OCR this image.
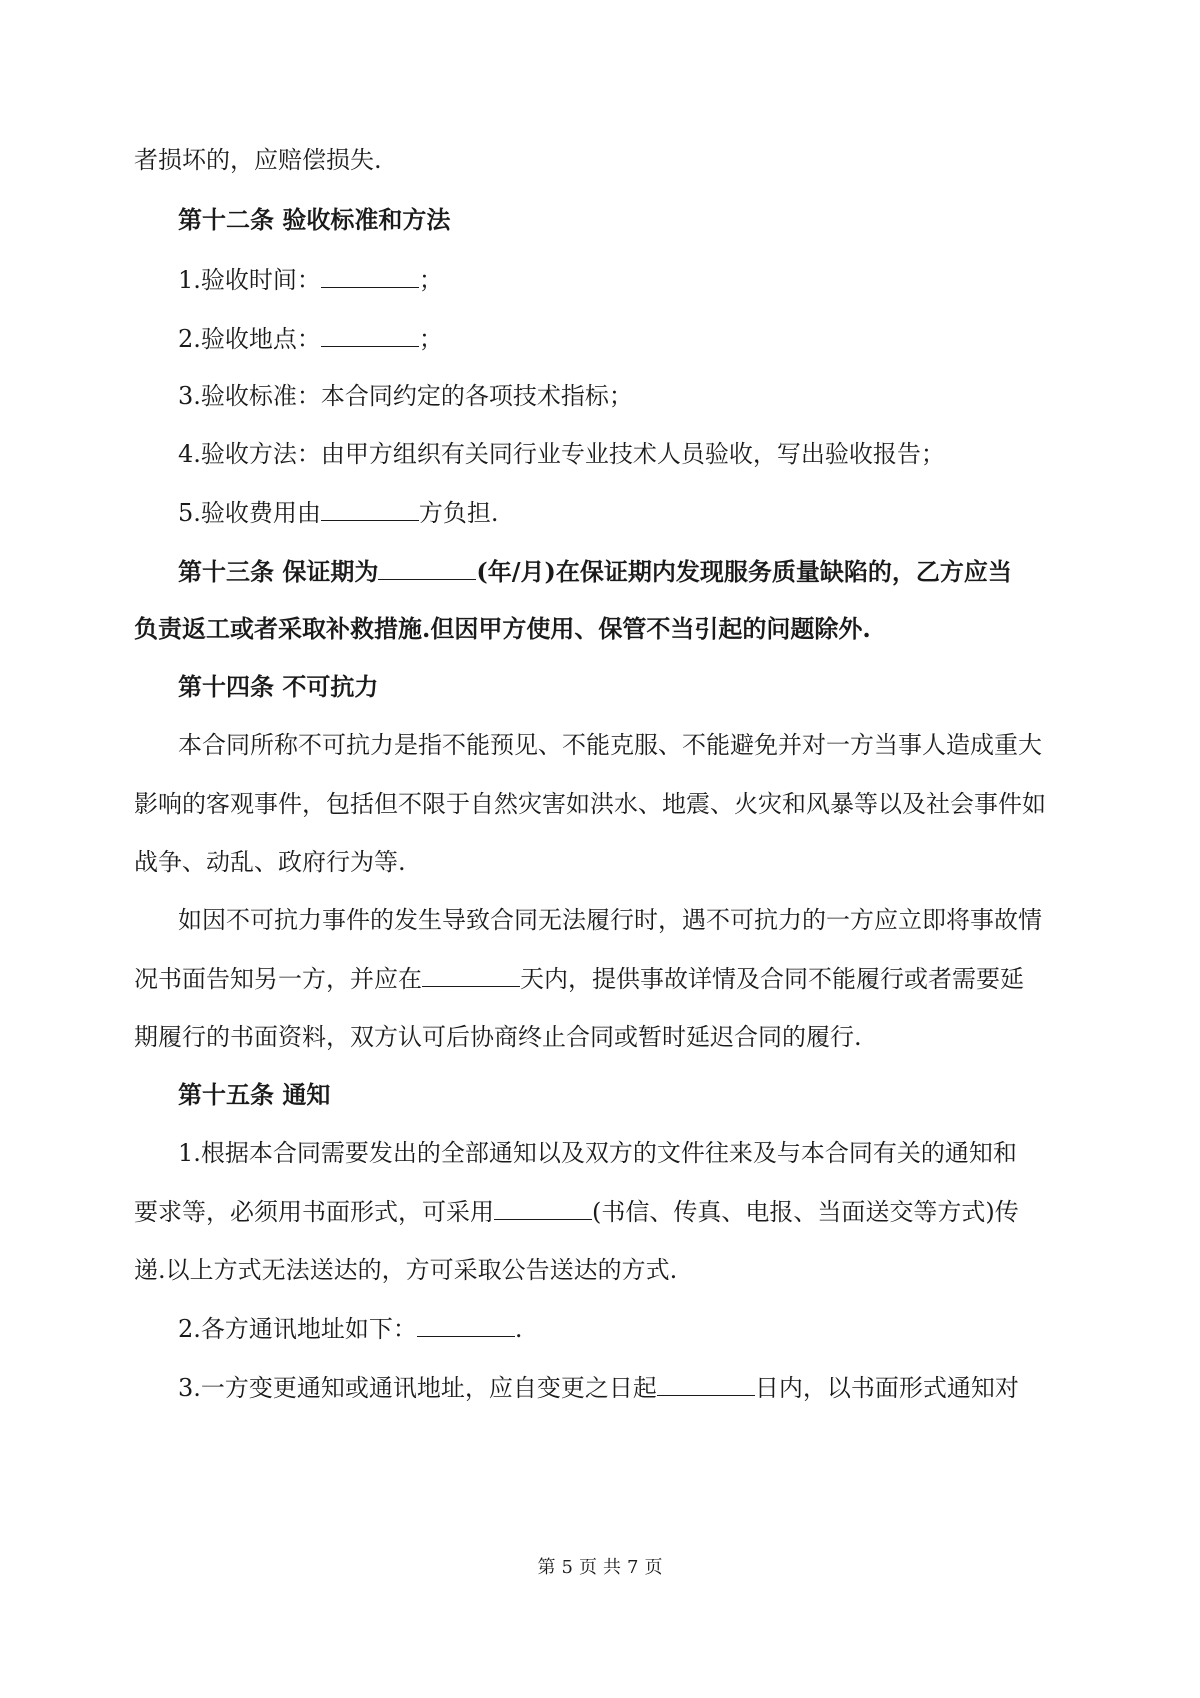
者损坏的，应赔偿损失.
第十二条 验收标准和方法
1.验收时间：	；
2.验收地点：	；
3.验收标准：本合同约定的各项技术指标；
4.验收方法：由甲方组织有关同行业专业技术人员验收，写出验收报告；
5.验收费用由	方负担.
第十三条 保证期为	(年/月)在保证期内发现服务质量缺陷的，乙方应当
负责返工或者采取补救措施.但因甲方使用、保管不当引起的问题除外.
第十四条 不可抗力
本合同所称不可抗力是指不能预见、不能克服、不能避免并对一方当事人造成重大
影响的客观事件，包括但不限于自然灾害如洪水、地震、火灾和风暴等以及社会事件如
战争、动乱、政府行为等.
如因不可抗力事件的发生导致合同无法履行时，遇不可抗力的一方应立即将事故情
况书面告知另一方，并应在	天内，提供事故详情及合同不能履行或者需要延
期履行的书面资料，双方认可后协商终止合同或暂时延迟合同的履行.
第十五条 通知
1.根据本合同需要发出的全部通知以及双方的文件往来及与本合同有关的通知和
要求等，必须用书面形式，可采用	(书信、传真、电报、当面送交等方式)传
递.以上方式无法送达的，方可采取公告送达的方式.
2.各方通讯地址如下：	.
3.一方变更通知或通讯地址，应自变更之日起	日内，以书面形式通知对
第 5 页 共 7 页
